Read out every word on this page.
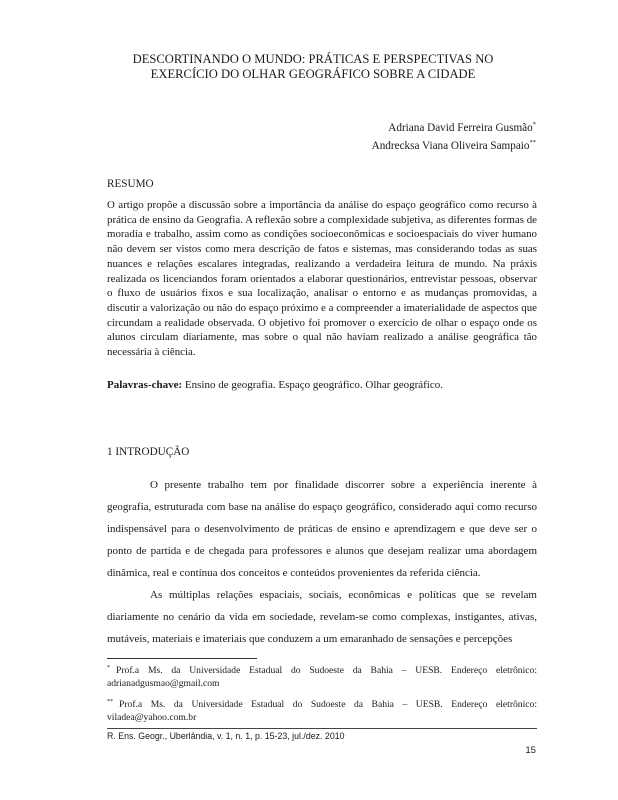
DESCORTINANDO O MUNDO: PRÁTICAS E PERSPECTIVAS NO
EXERCÍCIO DO OLHAR GEOGRÁFICO SOBRE A CIDADE
Adriana David Ferreira Gusmão*
Andrecksa Viana Oliveira Sampaio**
RESUMO

O artigo propõe a discussão sobre a importância da análise do espaço geográfico como recurso à prática de ensino da Geografia. A reflexão sobre a complexidade subjetiva, as diferentes formas de moradia e trabalho, assim como as condições socioeconômicas e socioespaciais do viver humano não devem ser vistos como mera descrição de fatos e sistemas, mas considerando todas as suas nuances e relações escalares integradas, realizando a verdadeira leitura de mundo. Na práxis realizada os licenciandos foram orientados a elaborar questionários, entrevistar pessoas, observar o fluxo de usuários fixos e sua localização, analisar o entorno e as mudanças promovidas, a discutir a valorização ou não do espaço próximo e a compreender a imaterialidade de aspectos que circundam a realidade observada. O objetivo foi promover o exercício de olhar o espaço onde os alunos circulam diariamente, mas sobre o qual não haviam realizado a análise geográfica tão necessária à ciência.

Palavras-chave: Ensino de geografia. Espaço geográfico. Olhar geográfico.
1 INTRODUÇÃO

O presente trabalho tem por finalidade discorrer sobre a experiência inerente à geografia, estruturada com base na análise do espaço geográfico, considerado aqui como recurso indispensável para o desenvolvimento de práticas de ensino e aprendizagem e que deve ser o ponto de partida e de chegada para professores e alunos que desejam realizar uma abordagem dinâmica, real e contínua dos conceitos e conteúdos provenientes da referida ciência.

As múltiplas relações espaciais, sociais, econômicas e políticas que se revelam diariamente no cenário da vida em sociedade, revelam-se como complexas, instigantes, ativas, mutáveis, materiais e imateriais que conduzem a um emaranhado de sensações e percepções

* Prof.a Ms. da Universidade Estadual do Sudoeste da Bahia – UESB. Endereço eletrônico: adrianadgusmao@gmail.com
** Prof.a Ms. da Universidade Estadual do Sudoeste da Bahia – UESB. Endereço eletrônico: viladea@yahoo.com.br
R. Ens. Geogr., Uberlândia, v. 1, n. 1, p. 15-23, jul./dez. 2010
15
